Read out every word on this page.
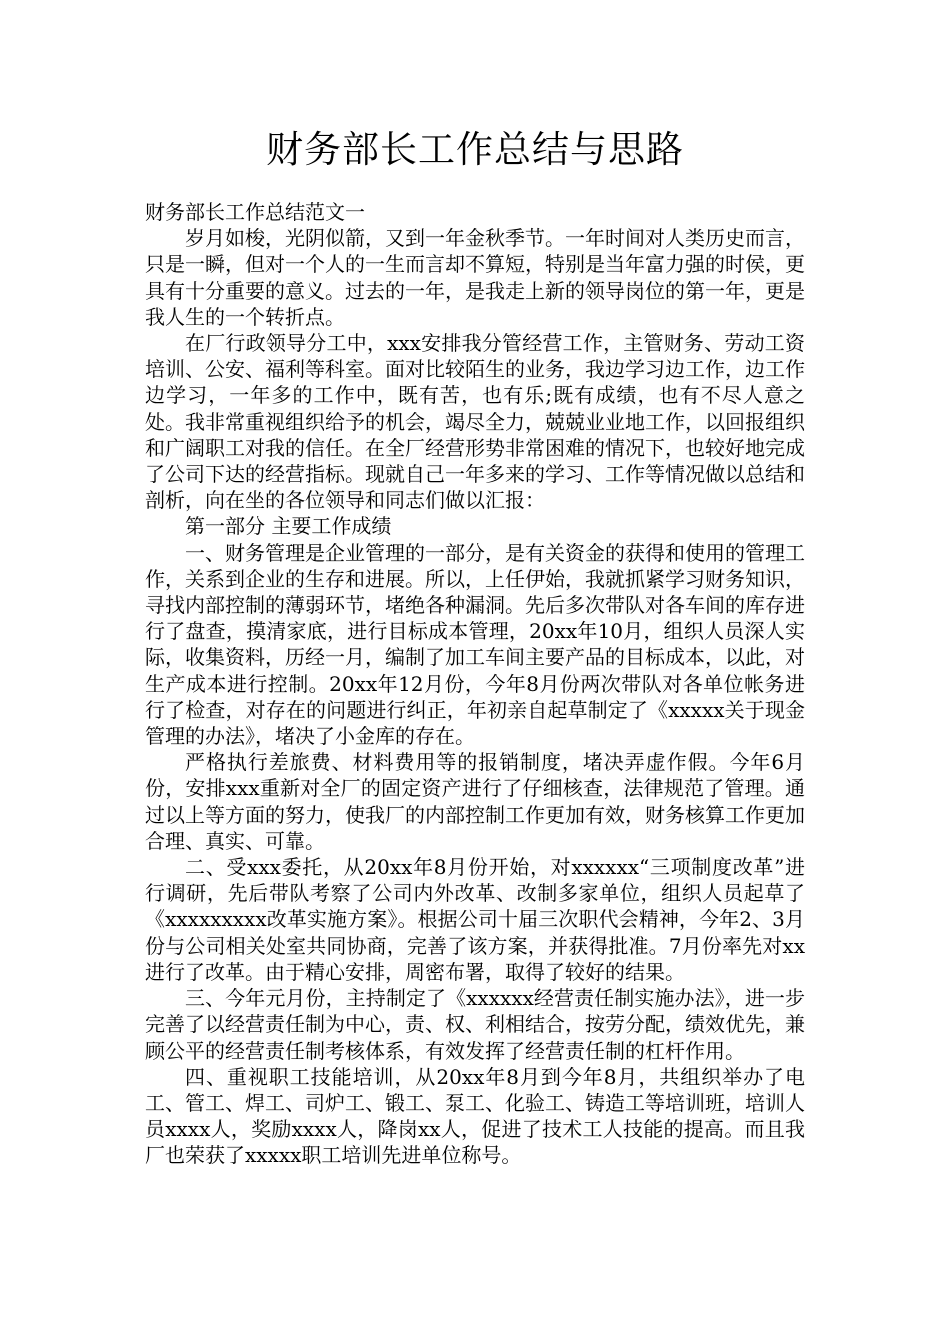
财务部长工作总结与思路

财务部长工作总结范文一

岁月如梭，光阴似箭，又到一年金秋季节。一年时间对人类历史而言，只是一瞬，但对一个人的一生而言却不算短，特别是当年富力强的时侯，更具有十分重要的意义。过去的一年，是我走上新的领导岗位的第一年，更是我人生的一个转折点。

在厂行政领导分工中，xxx安排我分管经营工作，主管财务、劳动工资培训、公安、福利等科室。面对比较陌生的业务，我边学习边工作，边工作边学习，一年多的工作中，既有苦，也有乐;既有成绩，也有不尽人意之处。我非常重视组织给予的机会，竭尽全力，兢兢业业地工作，以回报组织和广阔职工对我的信任。在全厂经营形势非常困难的情况下，也较好地完成了公司下达的经营指标。现就自己一年多来的学习、工作等情况做以总结和剖析，向在坐的各位领导和同志们做以汇报：

第一部分 主要工作成绩

一、财务管理是企业管理的一部分，是有关资金的获得和使用的管理工作，关系到企业的生存和进展。所以，上任伊始，我就抓紧学习财务知识，寻找内部控制的薄弱环节，堵绝各种漏洞。先后多次带队对各车间的库存进行了盘查，摸清家底，进行目标成本管理，20xx年10月，组织人员深人实际，收集资料，历经一月，编制了加工车间主要产品的目标成本，以此，对生产成本进行控制。20xx年12月份，今年8月份两次带队对各单位帐务进行了检查，对存在的问题进行纠正，年初亲自起草制定了《xxxxx关于现金管理的办法》，堵决了小金库的存在。

严格执行差旅费、材料费用等的报销制度，堵决弄虚作假。今年6月份，安排xxx重新对全厂的固定资产进行了仔细核查，法律规范了管理。通过以上等方面的努力，使我厂的内部控制工作更加有效，财务核算工作更加合理、真实、可靠。

二、受xxx委托，从20xx年8月份开始，对xxxxxx“三项制度改革”进行调研，先后带队考察了公司内外改革、改制多家单位，组织人员起草了《xxxxxxxxx改革实施方案》。根据公司十届三次职代会精神，今年2、3月份与公司相关处室共同协商，完善了该方案，并获得批准。7月份率先对xx进行了改革。由于精心安排，周密布署，取得了较好的结果。

三、今年元月份，主持制定了《xxxxxx经营责任制实施办法》，进一步完善了以经营责任制为中心，责、权、利相结合，按劳分配，绩效优先，兼顾公平的经营责任制考核体系，有效发挥了经营责任制的杠杆作用。

四、重视职工技能培训，从20xx年8月到今年8月，共组织举办了电工、管工、焊工、司炉工、锻工、泵工、化验工、铸造工等培训班，培训人员xxxx人，奖励xxxx人，降岗xx人，促进了技术工人技能的提高。而且我厂也荣获了xxxxx职工培训先进单位称号。
